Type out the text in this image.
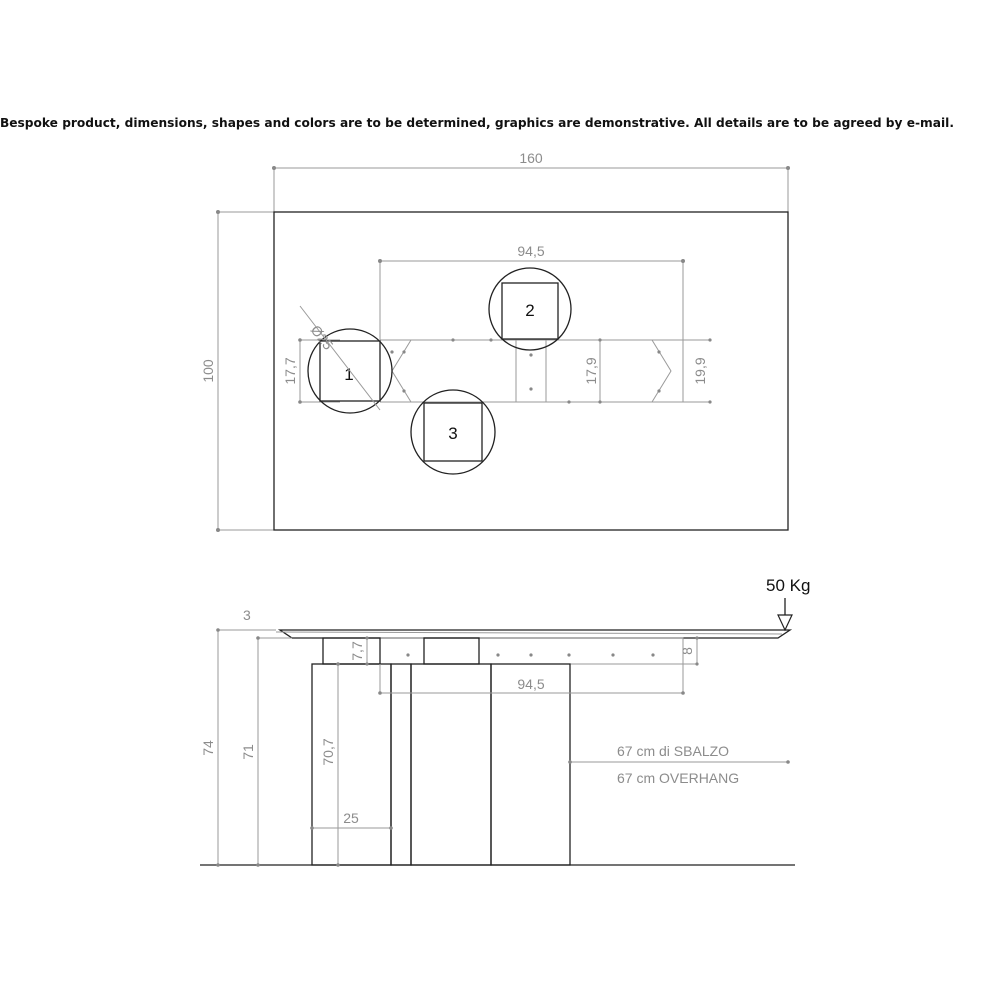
Bespoke product, dimensions, shapes and colors are to be determined, graphics are demonstrative. All details are to be agreed by e-mail.
160
100
94,5
17,7	17,9	19,9
1
Ø25
2
3
50 Kg
8
7,7
70,7
25
94,5
3
74 71	67 cm di SBALZO
67 cm OVERHANG
